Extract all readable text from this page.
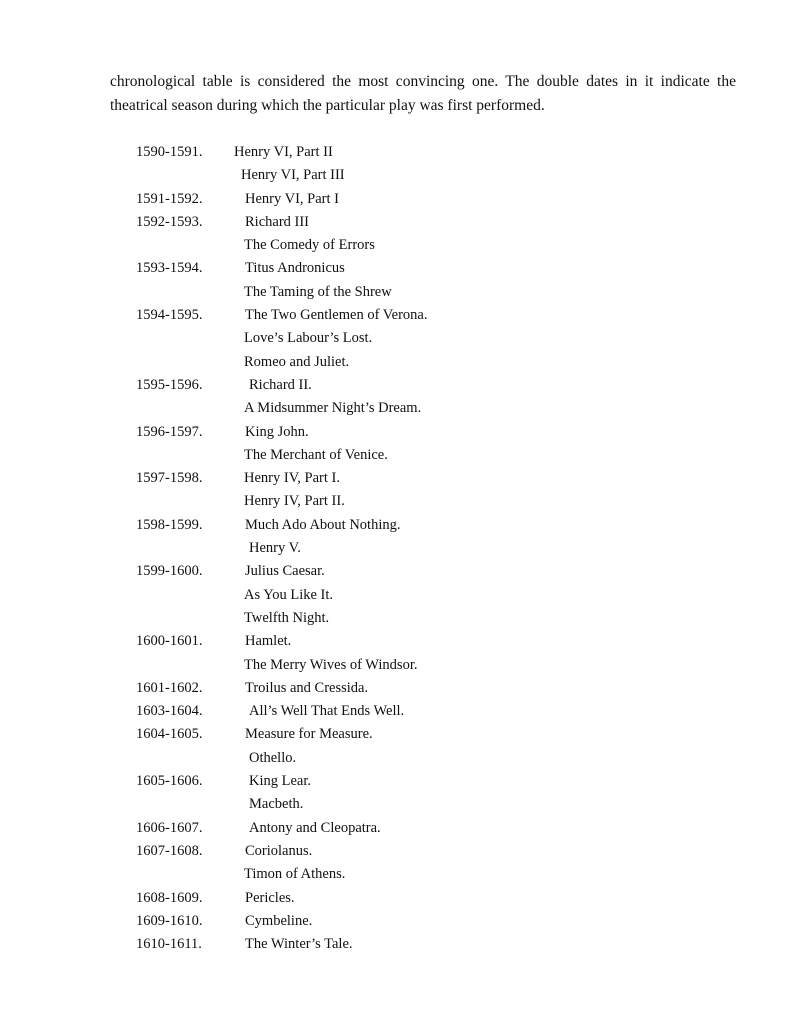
chronological table is considered the most convincing one. The double dates in it indicate the
theatrical season during which the particular play was first performed.

1590-1591. Henry VI, Part II
Henry VI, Part III
1591-1592.	Henry VI, Part I
1592-1593.	Richard III
The Comedy of Errors
1593-1594.	Titus Andronicus
The Taming of the Shrew
1594-1595.	The Two Gentlemen of Verona.
Love’s Labour’s Lost.
Romeo and Juliet.
1595-1596.	Richard II.
A Midsummer Night’s Dream.
1596-1597.	King John.
The Merchant of Venice.
1597-1598.	Henry IV, Part I.
Henry IV, Part II.
1598-1599.	Much Ado About Nothing.
Henry V.
1599-1600.	Julius Caesar.
As You Like It.
Twelfth Night.
1600-1601.	Hamlet.
The Merry Wives of Windsor.
1601-1602.	Troilus and Cressida.
1603-1604.	All’s Well That Ends Well.
1604-1605.	Measure for Measure.
Othello.
1605-1606.	King Lear.
Macbeth.
1606-1607.	Antony and Cleopatra.
1607-1608.	Coriolanus.
Timon of Athens.
1608-1609.	Pericles.
1609-1610.	Cymbeline.
1610-1611.	The Winter’s Tale.
